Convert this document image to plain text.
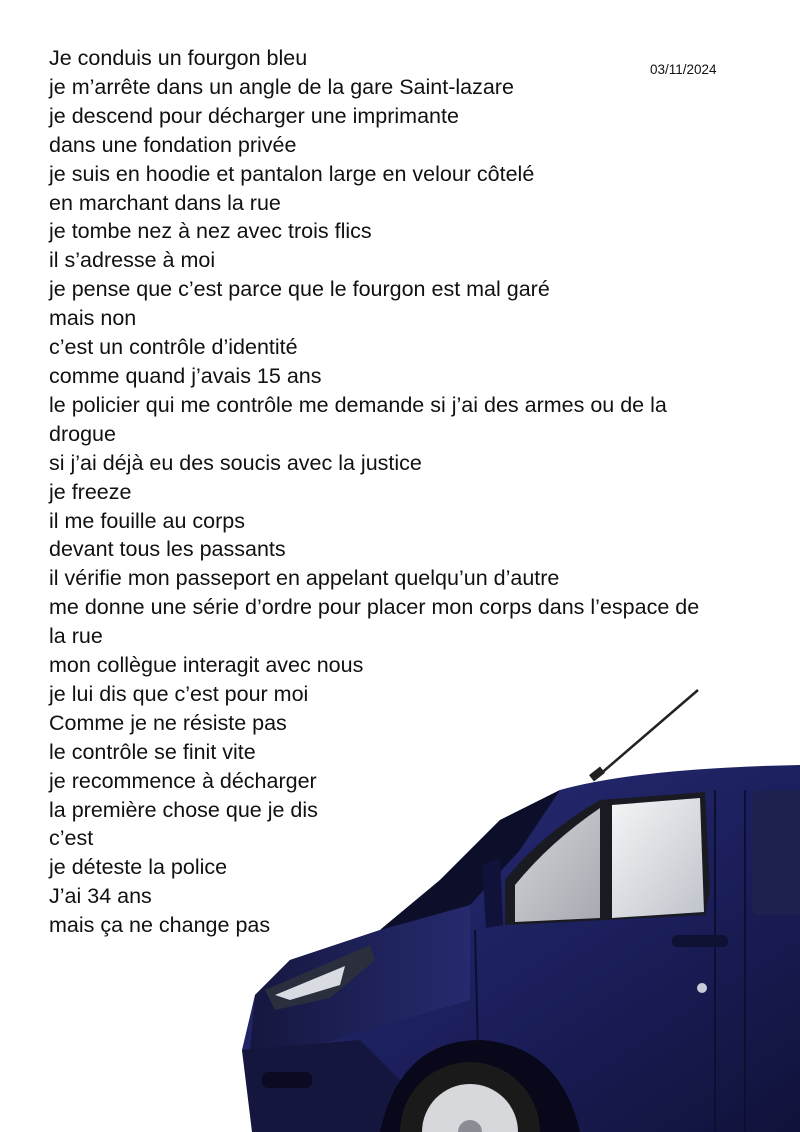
03/11/2024
Je conduis un fourgon bleu
je m’arrête dans un angle de la gare Saint-lazare
je descend pour décharger une imprimante
dans une fondation privée
je suis en hoodie et pantalon large en velour côtelé
en marchant dans la rue
je tombe nez à nez avec trois flics
il s’adresse à moi
je pense que c’est parce que le fourgon est mal garé
mais non
c’est un contrôle d’identité
comme quand j’avais 15 ans
le policier qui me contrôle me demande si j’ai des armes ou de la
drogue
si j’ai déjà eu des soucis avec la justice
je freeze
il me fouille au corps
devant tous les passants
il vérifie mon passeport en appelant quelqu’un d’autre
me donne une série d’ordre pour placer mon corps dans l’espace de
la rue
mon collègue interagit avec nous
je lui dis que c’est pour moi
Comme je ne résiste pas
le contrôle se finit vite
je recommence à décharger
la première chose que je dis
c’est
je déteste la police
J’ai 34 ans
mais ça ne change pas
